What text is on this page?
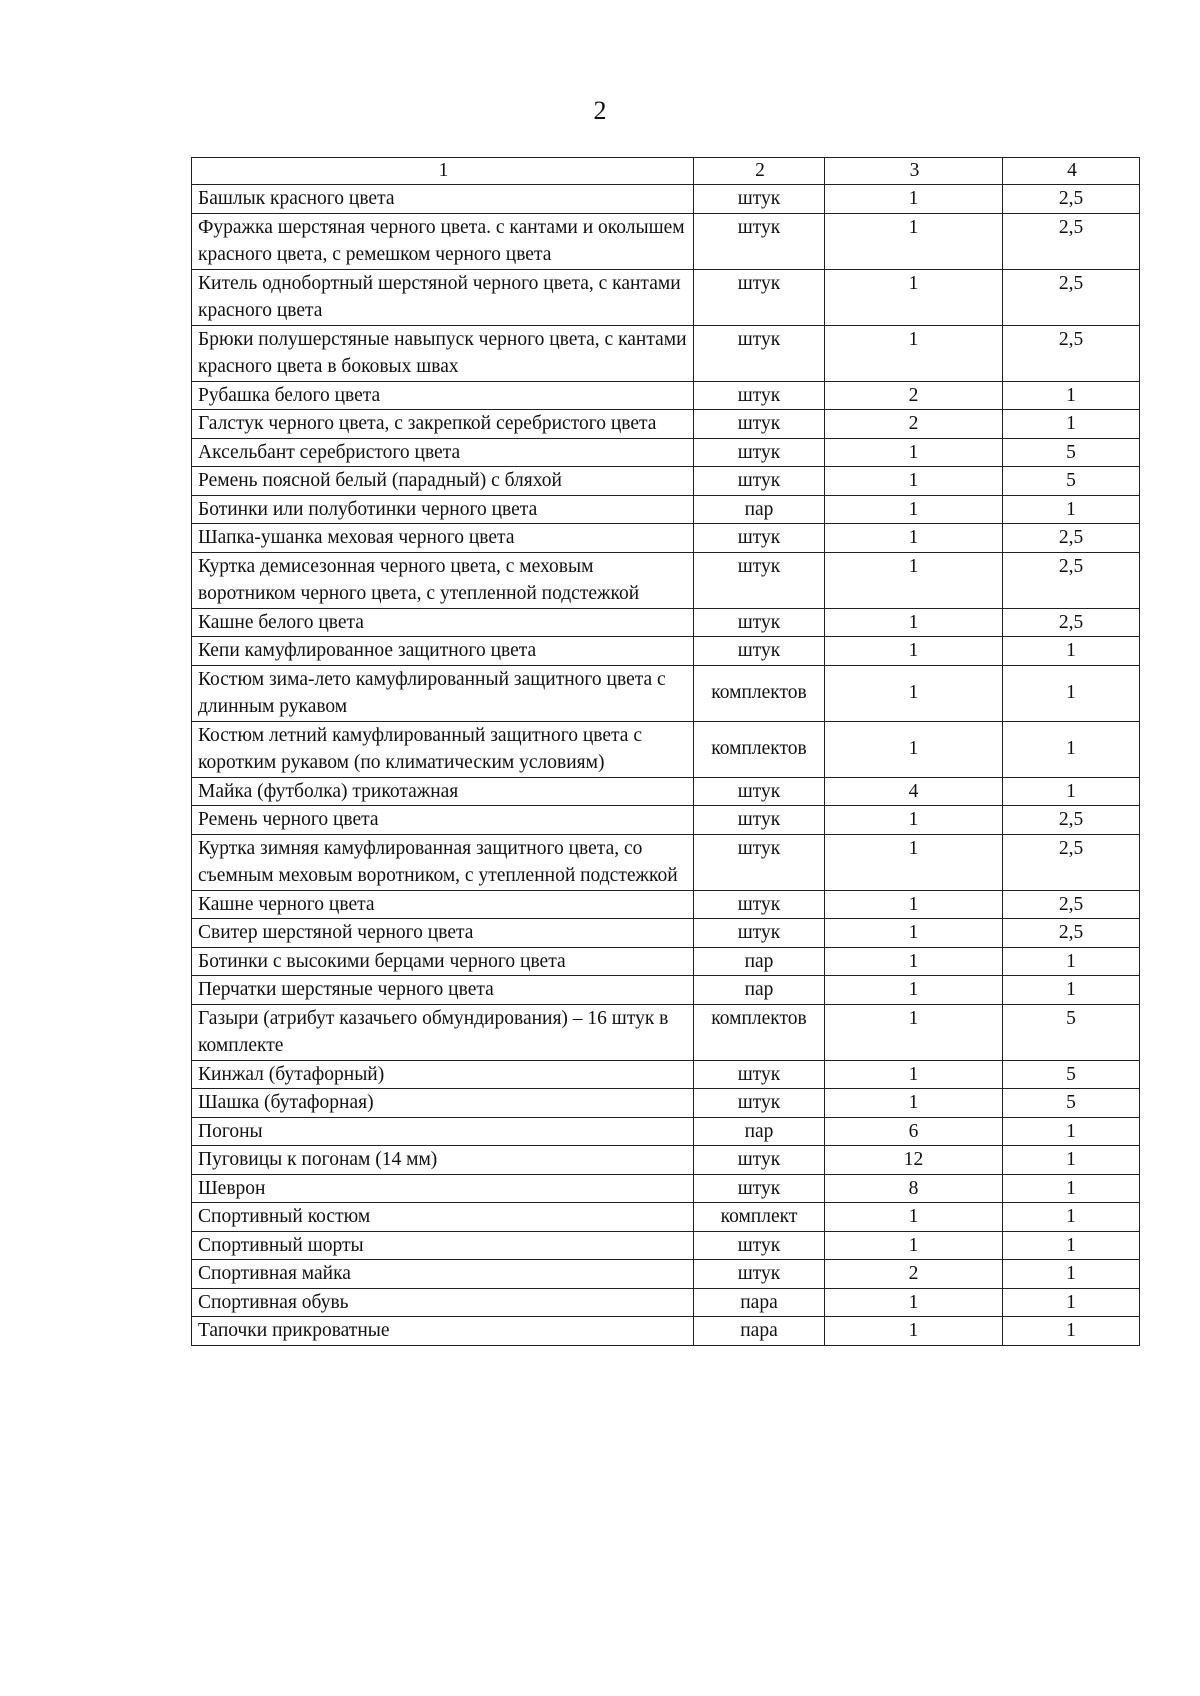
2
1	2	3	4
Башлык красного цвета	штук	1	2,5
Фуражка шерстяная черного цвета. с кантами и околышем красного цвета, с ремешком черного цвета	штук	1	2,5
Китель однобортный шерстяной черного цвета, с кантами красного цвета	штук	1	2,5
Брюки полушерстяные навыпуск черного цвета, с кантами красного цвета в боковых швах	штук	1	2,5
Рубашка белого цвета	штук	2	1
Галстук черного цвета, с закрепкой серебристого цвета	штук	2	1
Аксельбант серебристого цвета	штук	1	5
Ремень поясной белый (парадный) с бляхой	штук	1	5
Ботинки или полуботинки черного цвета	пар	1	1
Шапка-ушанка меховая черного цвета	штук	1	2,5
Куртка демисезонная черного цвета, с меховым воротником черного цвета, с утепленной подстежкой	штук	1	2,5
Кашне белого цвета	штук	1	2,5
Кепи камуфлированное защитного цвета	штук	1	1
Костюм зима-лето камуфлированный защитного цвета с длинным рукавом	комплектов	1	1
Костюм летний камуфлированный защитного цвета с коротким рукавом (по климатическим условиям)	комплектов	1	1
Майка (футболка) трикотажная	штук	4	1
Ремень черного цвета	штук	1	2,5
Куртка зимняя камуфлированная защитного цвета, со съемным меховым воротником, с утепленной подстежкой	штук	1	2,5
Кашне черного цвета	штук	1	2,5
Свитер шерстяной черного цвета	штук	1	2,5
Ботинки с высокими берцами черного цвета	пар	1	1
Перчатки шерстяные черного цвета	пар	1	1
Газыри (атрибут казачьего обмундирования) – 16 штук в комплекте	комплектов	1	5
Кинжал (бутафорный)	штук	1	5
Шашка (бутафорная)	штук	1	5
Погоны	пар	6	1
Пуговицы к погонам (14 мм)	штук	12	1
Шеврон	штук	8	1
Спортивный костюм	комплект	1	1
Спортивный шорты	штук	1	1
Спортивная майка	штук	2	1
Спортивная обувь	пара	1	1
Тапочки прикроватные	пара	1	1
